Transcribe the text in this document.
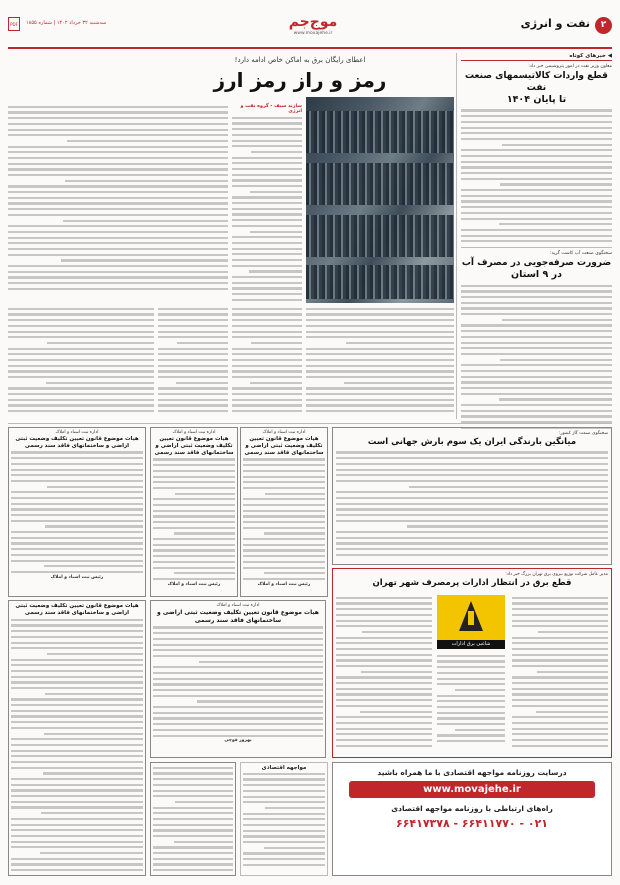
۲
نفت و انرژی
موج‌جم
www.movajehe.ir
سه‌شنبه ۳۲ خرداد ۱۴۰۲ | شماره ۱۸۵۵
PDF
◀ خبرهای کوتاه
معاون وزیر نفت در امور پتروشیمی خبر داد:
قطع واردات کالاتیسمهای صنعت نفت
تا پایان ۱۴۰۴
سخنگوی صنعت آب کاشت گرید:
ضرورت صرفه‌جویی در مصرف آب
در ۹ استان
اعطای رایگان برق به اماکن خاص ادامه دارد!
رمز و راز رمز ارز
سازند سیف - گروه نفت و انرژی
سخنگوی صنعت گاز کشور:
میانگین بارندگی ایران یک سوم بارش جهانی است
مدیر عامل شرکت توزیع نیروی برق تهران بزرگ خبر داد:
قطع برق در انتظار ادارات پرمصرف شهر تهران
شاغبی برق ادارات
درسایت روزنامه مواجهه اقتصادی با ما همراه باشید
www.movajehe.ir
راه‌های ارتباطی با روزنامه مواجهه اقتصادی
۶۶۴۱۷۳۷۸ - ۶۶۴۱۱۷۷۰ - ۰۲۱
مواجهه اقتصادی
اداره ثبت اسناد و املاک
هیات موضوع قانون تعیین تکلیف وضعیت ثبتی اراضی و ساختمانهای فاقد سند رسمی
رئیس ثبت اسناد و املاک
اداره ثبت اسناد و املاک
هیات موضوع قانون تعیین تکلیف وضعیت ثبتی اراضی و ساختمانهای فاقد سند رسمی
رئیس ثبت اسناد و املاک
اداره ثبت اسناد و املاک
هیات موضوع قانون تعیین تکلیف وضعیت ثبتی اراضی و ساختمانهای فاقد سند رسمی
بهروز قوچی
اداره ثبت اسناد و املاک
هیات موضوع قانون تعیین تکلیف وضعیت ثبتی اراضی و ساختمانهای فاقد سند رسمی
رئیس ثبت اسناد و املاک
هیات موضوع قانون تعیین تکلیف وضعیت ثبتی اراضی و ساختمانهای فاقد سند رسمی
